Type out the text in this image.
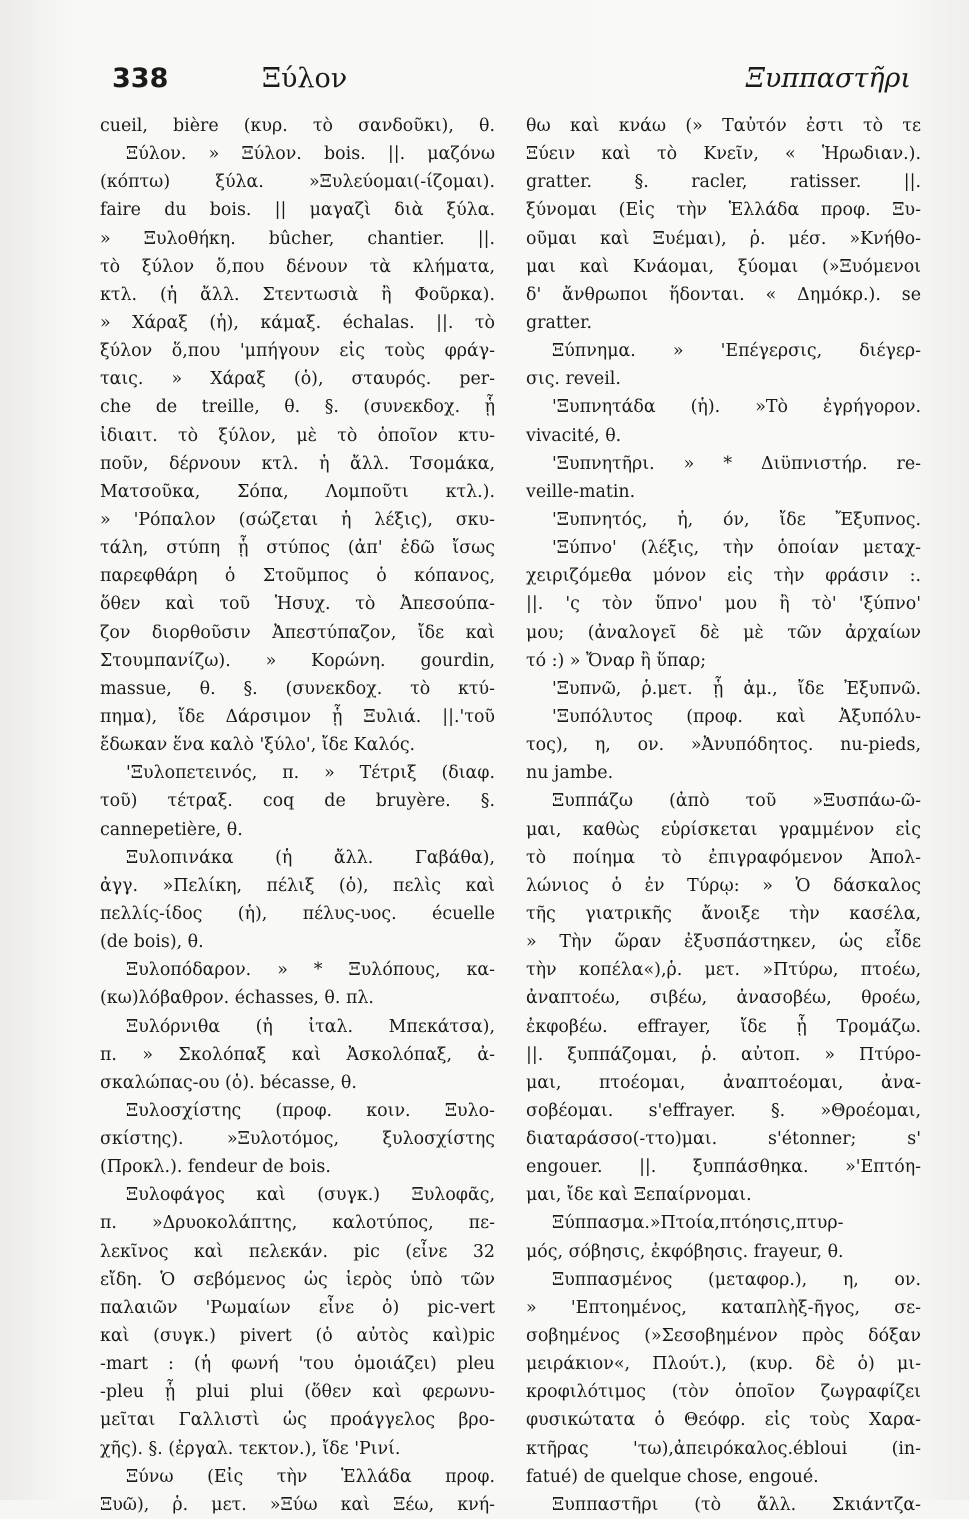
338	Ξύλον	Ξυππαστῆρι
cueil, bière (κυρ. τὸ σανδοῦκι), θ.
Ξύλον. » Ξύλον. bois. ||. μαζόνω
(κόπτω) ξύλα. »Ξυλεύομαι(-ίζομαι).
faire du bois. || μαγαζὶ διὰ ξύλα.
» Ξυλοθήκη. bûcher, chantier. ||.
τὸ ξύλον ὅ,που δένουν τὰ κλήματα,
κτλ. (ἡ ἄλλ. Στεντωσιὰ ἢ Φοῦρκα).
» Χάραξ (ἡ), κάμαξ. échalas. ||. τὸ
ξύλον ὅ,που 'μπήγουν εἰς τοὺς φράγ-
ταις. » Χάραξ (ὁ), σταυρός. per-
che de treille, θ. §. (συνεκδοχ. ᾗ
ἰδιαιτ. τὸ ξύλον, μὲ τὸ ὁποῖον κτυ-
ποῦν, δέρνουν κτλ. ἡ ἄλλ. Τσομάκα,
Ματσοῦκα, Σόπα, Λομποῦτι κτλ.).
» 'Ρόπαλον (σώζεται ἡ λέξις), σκυ-
τάλη, στύπη ᾗ στύπος (ἀπ' ἐδῶ ἴσως
παρεφθάρη ὁ Στοῦμπος ὁ κόπανος,
ὅθεν καὶ τοῦ Ἡσυχ. τὸ Ἀπεσούπα-
ζον διορθοῦσιν Ἀπεστύπαζον, ἴδε καὶ
Στουμπανίζω). » Κορώνη. gourdin,
massue, θ. §. (συνεκδοχ. τὸ κτύ-
πημα), ἴδε Δάρσιμον ᾗ Ξυλιά. ||.'τοῦ
ἔδωκαν ἕνα καλὸ 'ξύλο', ἴδε Καλός.
'Ξυλοπετεινός, π. » Τέτριξ (διαφ.
τοῦ) τέτραξ. coq de bruyère. §.
cannepetière, θ.
Ξυλοπινάκα (ἡ ἄλλ. Γαβάθα),
ἀγγ. »Πελίκη, πέλιξ (ὁ), πελὶς καὶ
πελλίς-ίδος (ἡ), πέλυς-υος. écuelle
(de bois), θ.
Ξυλοπόδαρον. » * Ξυλόπους, κα-
(κω)λόβαθρον. échasses, θ. πλ.
Ξυλόρνιθα (ἡ ἰταλ. Μπεκάτσα),
π. » Σκολόπαξ καὶ Ἀσκολόπαξ, ἀ-
σκαλώπας-ου (ὁ). bécasse, θ.
Ξυλοσχίστης (προφ. κοιν. Ξυλο-
σκίστης). »Ξυλοτόμος, ξυλοσχίστης
(Προκλ.). fendeur de bois.
Ξυλοφάγος καὶ (συγκ.) Ξυλοφᾶς,
π. »Δρυοκολάπτης, καλοτύπος, πε-
λεκῖνος καὶ πελεκάν. pic (εἶνε 32
εἴδη. Ὁ σεβόμενος ὡς ἱερὸς ὑπὸ τῶν
παλαιῶν 'Ρωμαίων εἶνε ὁ) pic-vert
καὶ (συγκ.) pivert (ὁ αὐτὸς καὶ)pic
-mart : (ἡ φωνή 'του ὁμοιάζει) pleu
-pleu ᾗ plui plui (ὅθεν καὶ φερωνυ-
μεῖται Γαλλιστὶ ὡς προάγγελος βρο-
χῆς). §. (ἐργαλ. τεκτον.), ἴδε 'Ρινί.
Ξύνω (Εἰς τὴν Ἑλλάδα προφ.
Ξυῶ), ῥ. μετ. »Ξύω καὶ Ξέω, κνή-
θω καὶ κνάω (» Ταὐτόν ἐστι τὸ τε
Ξύειν καὶ τὸ Κνεῖν, « Ἡρωδιαν.).
gratter. §. racler, ratisser. ||.
ξύνομαι (Εἰς τὴν Ἑλλάδα προφ. Ξυ-
οῦμαι καὶ Ξυέμαι), ῥ. μέσ. »Κνήθο-
μαι καὶ Κνάομαι, ξύομαι (»Ξυόμενοι
δ' ἄνθρωποι ἥδονται. « Δημόκρ.). se
gratter.
Ξύπνημα. » 'Επέγερσις, διέγερ-
σις. reveil.
'Ξυπνητάδα (ἡ). »Τὸ ἐγρήγορον.
vivacité, θ.
'Ξυπνητῆρι. » * Διϋπνιστήρ. re-
veille-matin.
'Ξυπνητός, ἡ, όν, ἴδε Ἔξυπνος.
'Ξύπνο' (λέξις, τὴν ὁποίαν μεταχ-
χειριζόμεθα μόνον εἰς τὴν φράσιν :.
||. 'ς τὸν ὕπνο' μου ἢ τὸ' 'ξύπνο'
μου; (ἀναλογεῖ δὲ μὲ τῶν ἀρχαίων
τό :) » Ὄναρ ἢ ὕπαρ;
'Ξυπνῶ, ῥ.μετ. ᾗ ἀμ., ἴδε Ἐξυπνῶ.
'Ξυπόλυτος (προφ. καὶ Ἀξυπόλυ-
τος), η, ον. »Ἀνυπόδητος. nu-pieds,
nu jambe.
Ξυππάζω (ἀπὸ τοῦ »Ξυσπάω-ῶ-
μαι, καθὼς εὑρίσκεται γραμμένον εἰς
τὸ ποίημα τὸ ἐπιγραφόμενον Ἀπολ-
λώνιος ὁ ἐν Τύρῳ: » Ὁ δάσκαλος
τῆς γιατρικῆς ἄνοιξε τὴν κασέλα,
» Τὴν ὥραν ἐξυσπάστηκεν, ὡς εἶδε
τὴν κοπέλα«),ῥ. μετ. »Πτύρω, πτοέω,
ἀναπτοέω, σιβέω, ἀνασοβέω, θροέω,
ἐκφοβέω. effrayer, ἴδε ᾗ Τρομάζω.
||. ξυππάζομαι, ῥ. αὐτοπ. » Πτύρο-
μαι, πτοέομαι, ἀναπτοέομαι, ἀνα-
σοβέομαι. s'effrayer. §. »Θροέομαι,
διαταράσσο(-ττο)μαι. s'étonner; s'
engouer. ||. ξυππάσθηκα. »'Επτόη-
μαι, ἴδε καὶ Ξεπαίρνομαι.
Ξύππασμα.»Πτοία,πτόησις,πτυρ-
μός, σόβησις, ἐκφόβησις. frayeur, θ.
Ξυππασμένος (μεταφορ.), η, ον.
» 'Επτοημένος, καταπλὴξ-ῆγος, σε-
σοβημένος (»Σεσοβημένον πρὸς δόξαν
μειράκιον«, Πλούτ.), (κυρ. δὲ ὁ) μι-
κροφιλότιμος (τὸν ὁποῖον ζωγραφίζει
φυσικώτατα ὁ Θεόφρ. εἰς τοὺς Χαρα-
κτῆρας 'τω),ἀπειρόκαλος.ébloui (in-
fatué) de quelque chose, engoué.
Ξυππαστῆρι (τὸ ἄλλ. Σκιάντζα-
